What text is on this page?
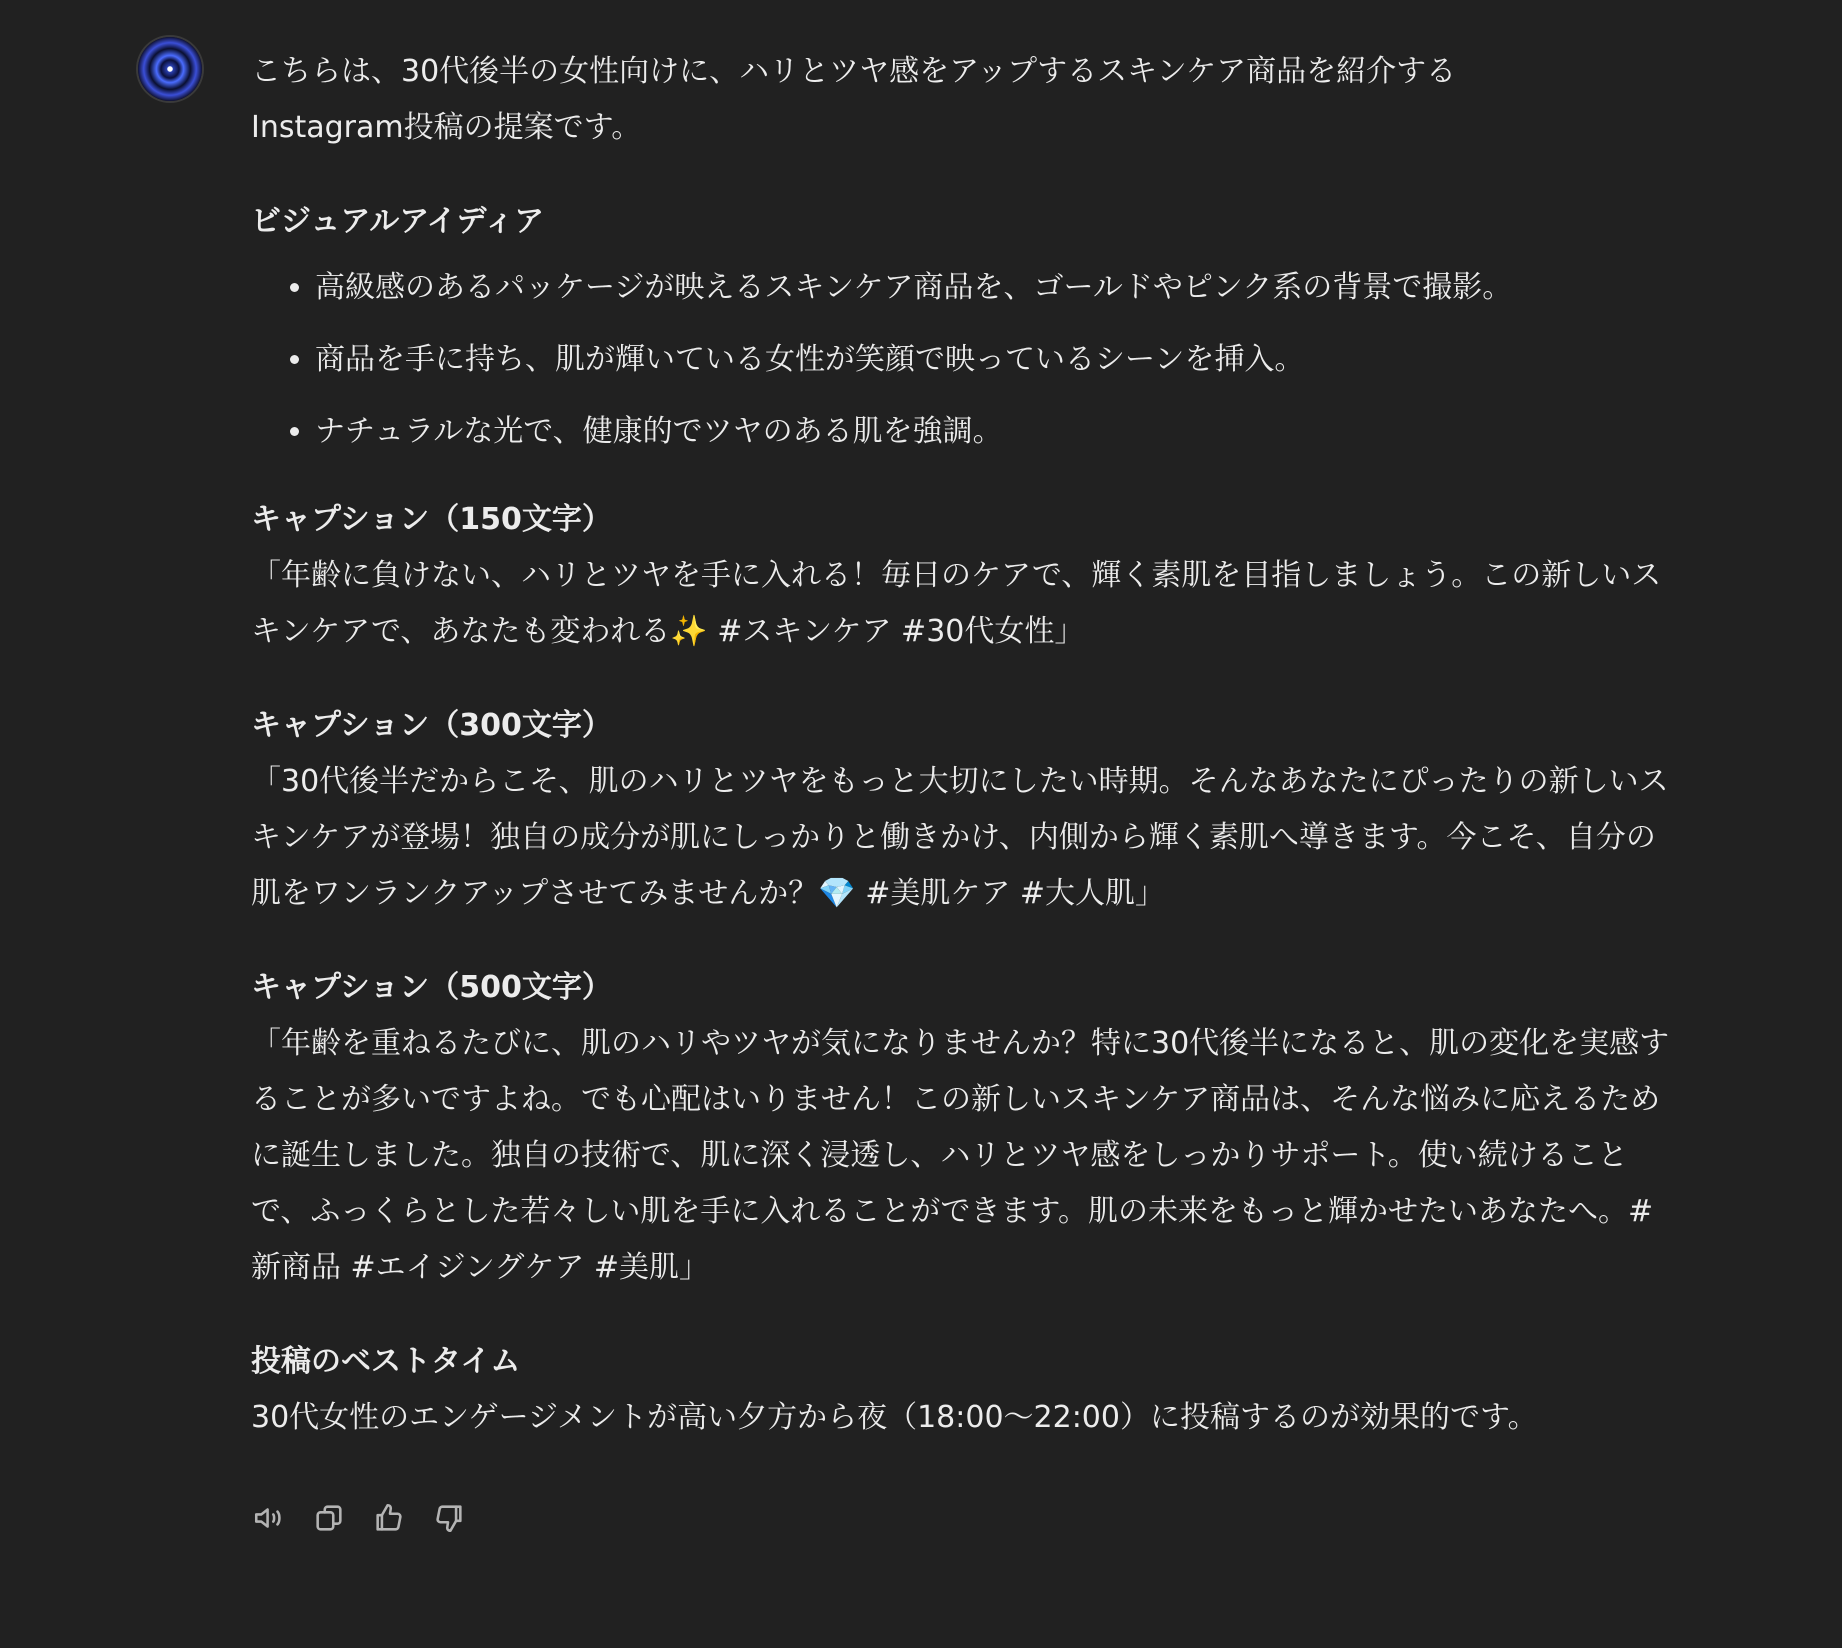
こちらは、30代後半の女性向けに、ハリとツヤ感をアップするスキンケア商品を紹介する
Instagram投稿の提案です。

ビジュアルアイディア
• 高級感のあるパッケージが映えるスキンケア商品を、ゴールドやピンク系の背景で撮影。
• 商品を手に持ち、肌が輝いている女性が笑顔で映っているシーンを挿入。
• ナチュラルな光で、健康的でツヤのある肌を強調。
キャプション（150文字）

「年齢に負けない、ハリとツヤを手に入れる！毎日のケアで、輝く素肌を目指しましょう。この新しいスキンケアで、あなたも変われる✨ #スキンケア #30代女性」

キャプション（300文字）

「30代後半だからこそ、肌のハリとツヤをもっと大切にしたい時期。そんなあなたにぴったりの新しいスキンケアが登場！独自の成分が肌にしっかりと働きかけ、内側から輝く素肌へ導きます。今こそ、自分の肌をワンランクアップさせてみませんか？💎 #美肌ケア #大人肌」

キャプション（500文字）

「年齢を重ねるたびに、肌のハリやツヤが気になりませんか？特に30代後半になると、肌の変化を実感することが多いですよね。でも心配はいりません！この新しいスキンケア商品は、そんな悩みに応えるために誕生しました。独自の技術で、肌に深く浸透し、ハリとツヤ感をしっかりサポート。使い続けることで、ふっくらとした若々しい肌を手に入れることができます。肌の未来をもっと輝かせたいあなたへ。#新商品 #エイジングケア #美肌」

投稿のベストタイム

30代女性のエンゲージメントが高い夕方から夜（18:00〜22:00）に投稿するのが効果的です。
